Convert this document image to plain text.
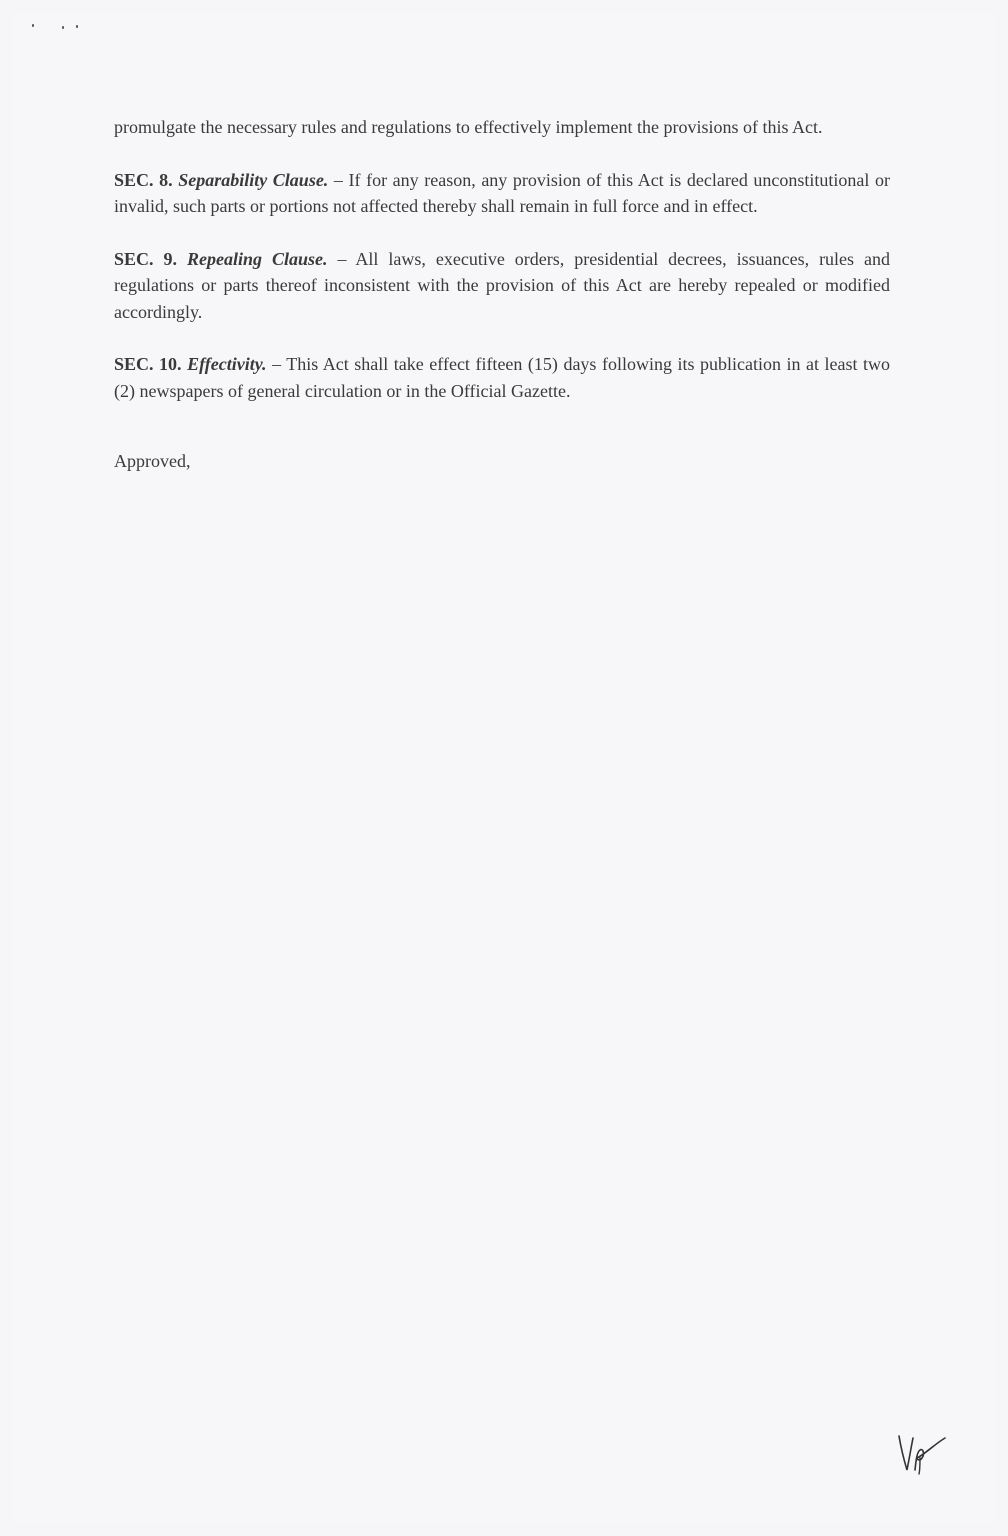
promulgate the necessary rules and regulations to effectively implement the provisions of this Act.

SEC. 8. Separability Clause. – If for any reason, any provision of this Act is declared unconstitutional or invalid, such parts or portions not affected thereby shall remain in full force and in effect.

SEC. 9. Repealing Clause. – All laws, executive orders, presidential decrees, issuances, rules and regulations or parts thereof inconsistent with the provision of this Act are hereby repealed or modified accordingly.

SEC. 10. Effectivity. – This Act shall take effect fifteen (15) days following its publication in at least two (2) newspapers of general circulation or in the Official Gazette.

Approved,
